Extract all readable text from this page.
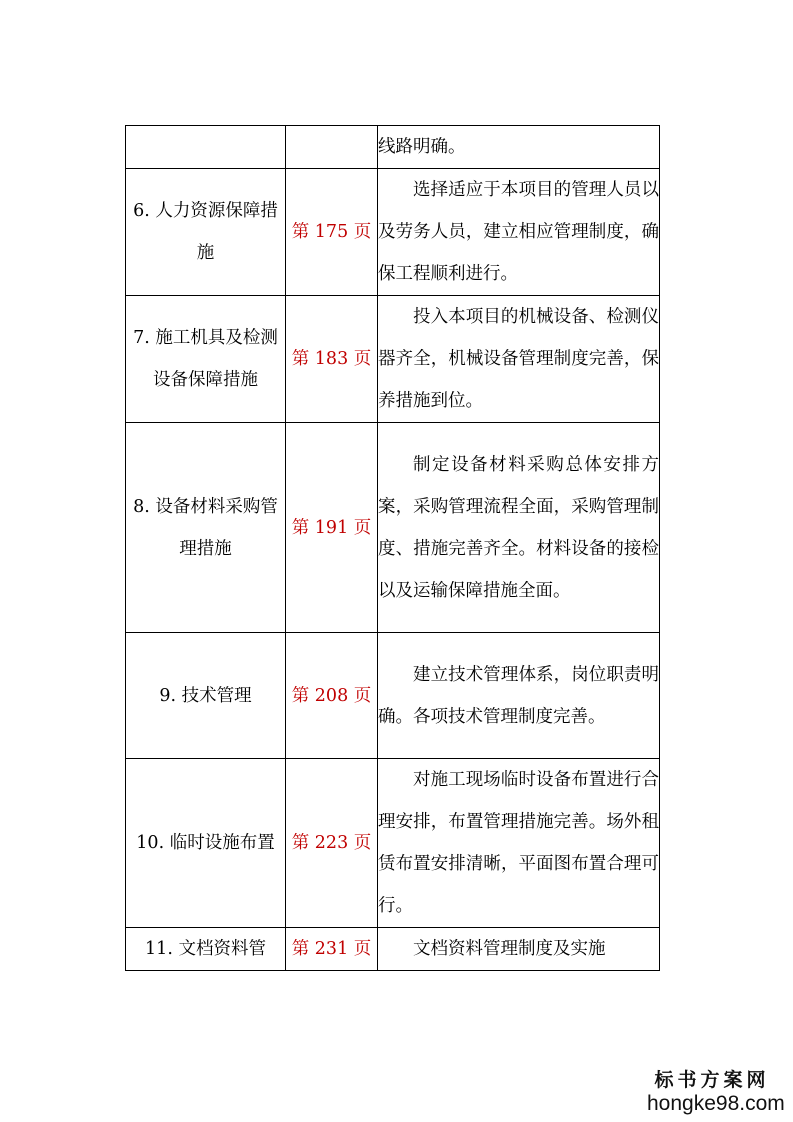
		线路明确。

6. 人力资源保障措施	第 175 页	选择适应于本项目的管理人员以及劳务人员，建立相应管理制度，确保工程顺利进行。

7. 施工机具及检测设备保障措施	第 183 页	投入本项目的机械设备、检测仪器齐全，机械设备管理制度完善，保养措施到位。

8. 设备材料采购管理措施	第 191 页	制定设备材料采购总体安排方案，采购管理流程全面，采购管理制度、措施完善齐全。材料设备的接检以及运输保障措施全面。

9. 技术管理	第 208 页	建立技术管理体系，岗位职责明确。各项技术管理制度完善。

10. 临时设施布置	第 223 页	对施工现场临时设备布置进行合理安排，布置管理措施完善。场外租赁布置安排清晰，平面图布置合理可行。

11. 文档资料管	第 231 页	文档资料管理制度及实施
标书方案网
hongke98.com
